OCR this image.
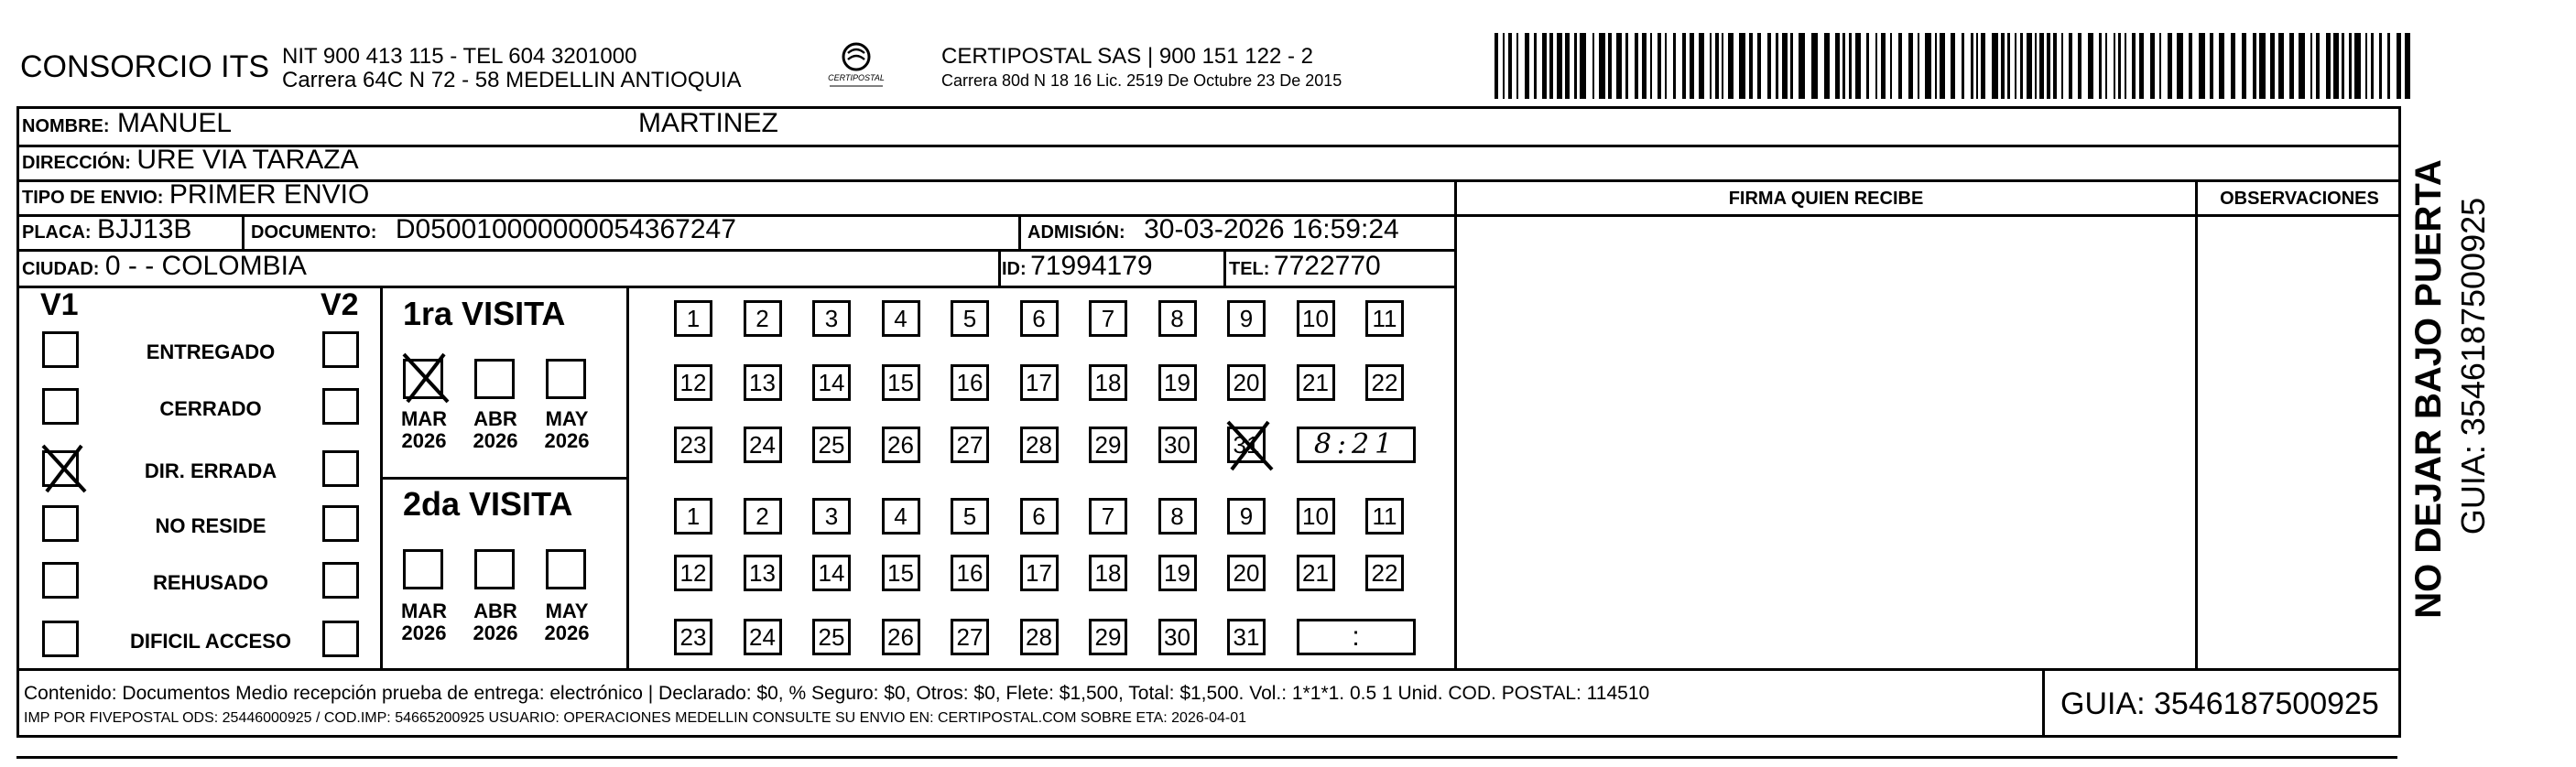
CONSORCIO ITS NIT 900 413 115 - TEL 604 3201000
Carrera 64C N 72 - 58 MEDELLIN ANTIOQUIA	CERTIPOSTAL
CERTIPOSTAL SAS | 900 151 122 - 2
Carrera 80d N 18 16 Lic. 2519 De Octubre 23 De 2015
NOMBRE: MANUEL	MARTINEZ
DIRECCIÓN: URE VIA TARAZA
TIPO DE ENVIO: PRIMER ENVIO	FIRMA QUIEN RECIBE	OBSERVACIONES
PLACA: BJJ13B	DOCUMENTO: D050010000000054367247	ADMISIÓN: 30-03-2026 16:59:24
CIUDAD: 0 - - COLOMBIA	ID: 71994179	TEL: 7722770
V1	V2
ENTREGADO
CERRADO
DIR. ERRADA
NO RESIDE
REHUSADO
DIFICIL ACCESO
1ra VISITA
2da VISITA
MAR
2026
ABR
2026
MAY
2026
MAR
2026
ABR
2026
MAY
2026
1 2 3 4 5 6 7 8 9 10 11
12 13 14 15 16 17 18 19 20 21 22
23 24 25 26 27 28 29 30 31 8:21
1 2 3 4 5 6 7 8 9 10 11
12 13 14 15 16 17 18 19 20 21 22
23 24 25 26 27 28 29 30 31	:
Contenido: Documentos Medio recepción prueba de entrega: electrónico | Declarado: $0, % Seguro: $0, Otros: $0, Flete: $1,500, Total: $1,500. Vol.: 1*1*1. 0.5 1 Unid. COD. POSTAL: 114510
IMP POR FIVEPOSTAL ODS: 25446000925 / COD.IMP: 54665200925 USUARIO: OPERACIONES MEDELLIN CONSULTE SU ENVIO EN: CERTIPOSTAL.COM SOBRE ETA: 2026-04-01	GUIA: 3546187500925
NO DEJAR BAJO PUERTA GUIA: 3546187500925
